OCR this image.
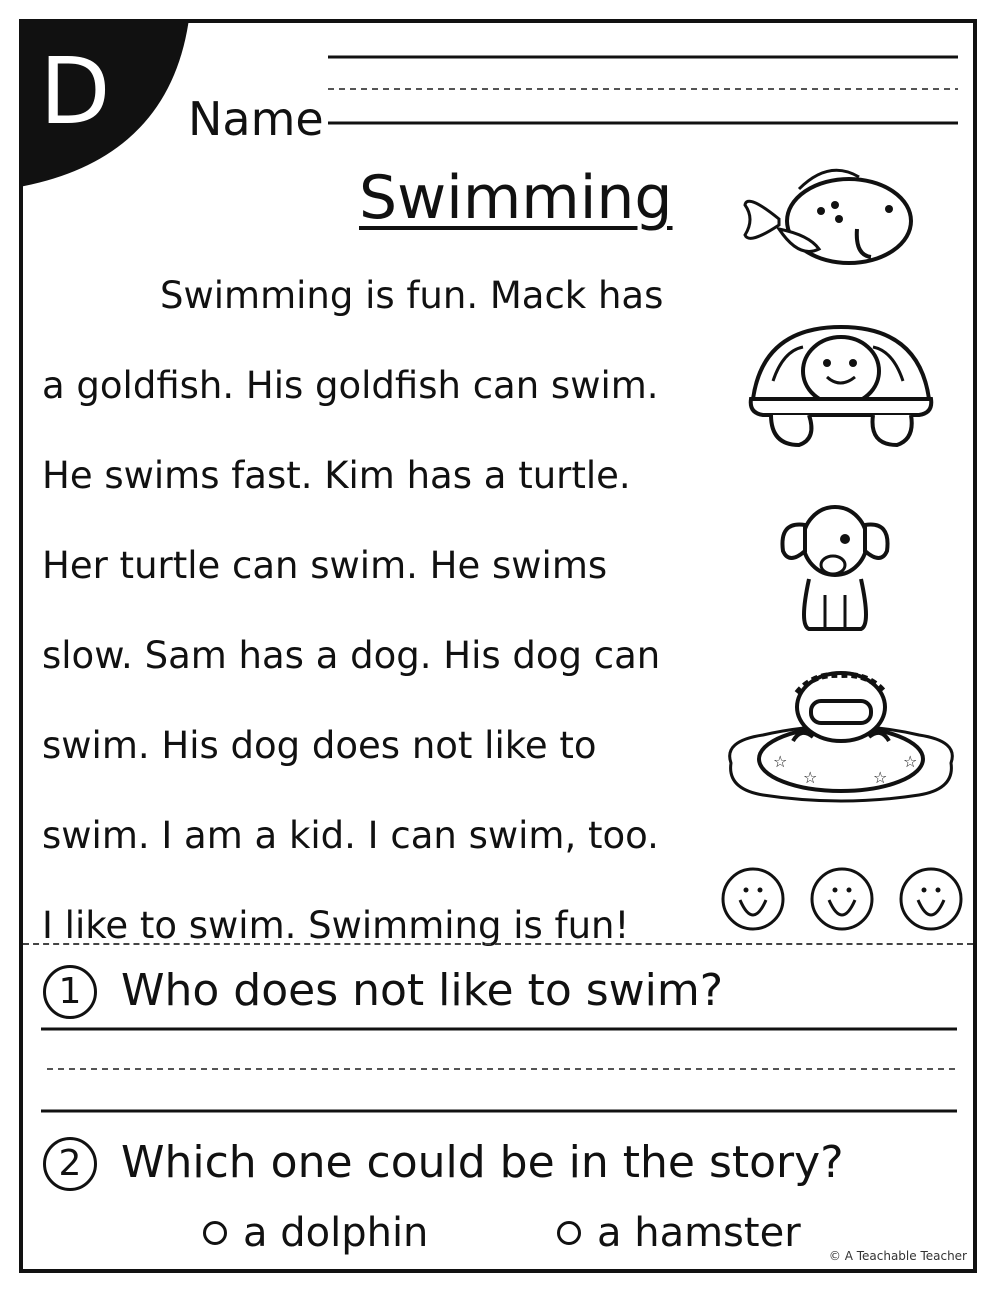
D Name
Swimming
Swimming is fun. Mack has
a goldfish. His goldfish can swim.
He swims fast. Kim has a turtle.
Her turtle can swim. He swims
slow. Sam has a dog. His dog can
swim. His dog does not like to
swim. I am a kid. I can swim, too.
I like to swim. Swimming is fun!
☆
☆	☆
☆
1 Who does not like to swim?
2 Which one could be in the story?
a dolphin	a hamster © A Teachable Teacher
